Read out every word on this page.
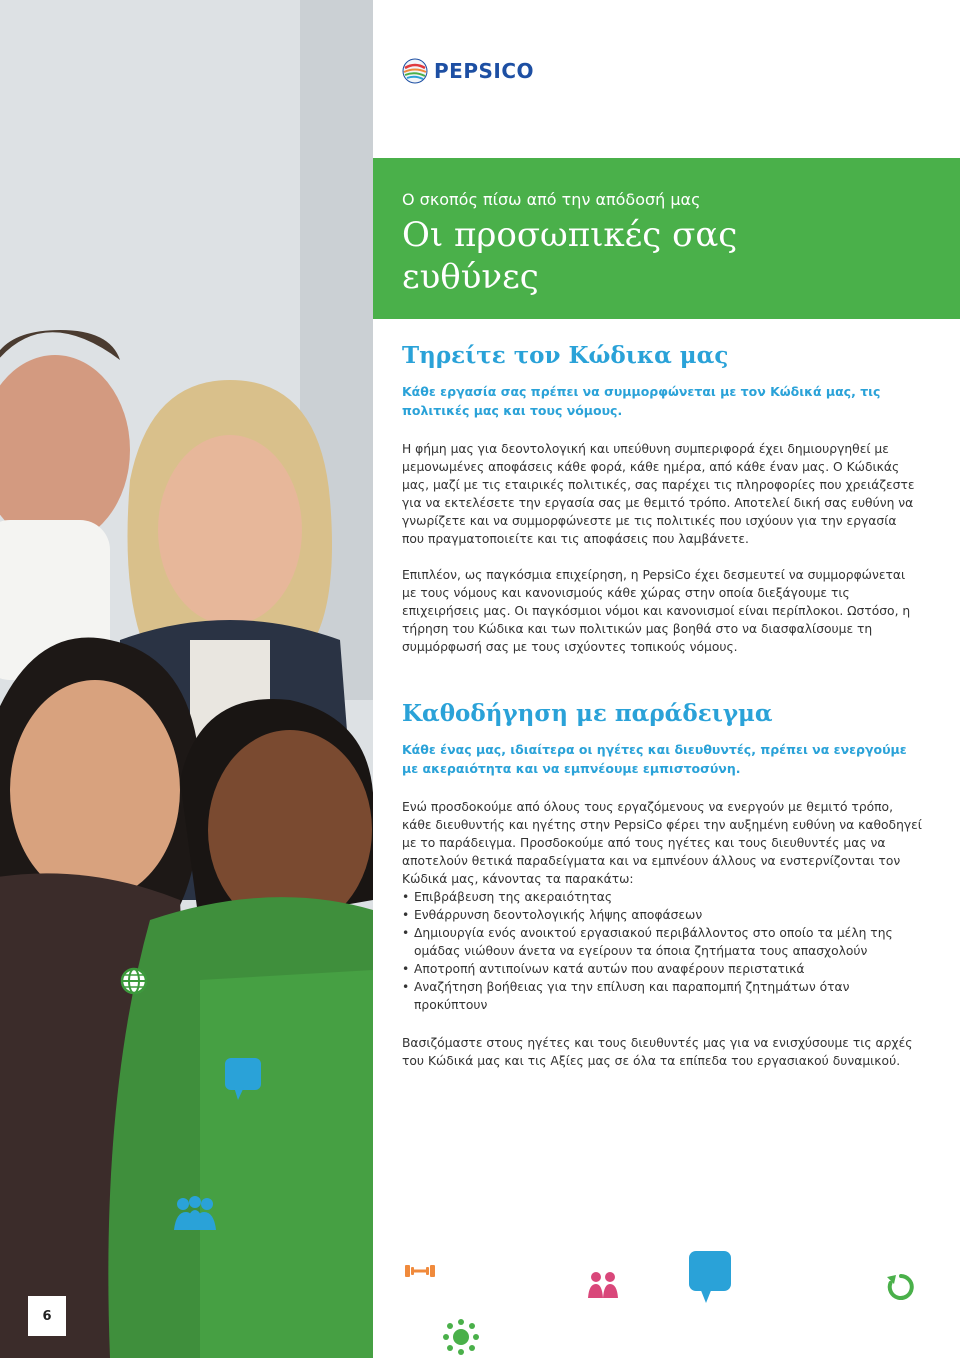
6
PEPSICO
Ο σκοπός πίσω από την απόδοσή μας
Οι προσωπικές σας ευθύνες
Τηρείτε τον Κώδικα μας

Κάθε εργασία σας πρέπει να συμμορφώνεται με τον Κώδικά μας, τις πολιτικές μας και τους νόμους.

Η φήμη μας για δεοντολογική και υπεύθυνη συμπεριφορά έχει δημιουργηθεί με μεμονωμένες αποφάσεις κάθε φορά, κάθε ημέρα, από κάθε έναν μας. Ο Κώδικάς μας, μαζί με τις εταιρικές πολιτικές, σας παρέχει τις πληροφορίες που χρειάζεστε για να εκτελέσετε την εργασία σας με θεμιτό τρόπο. Αποτελεί δική σας ευθύνη να γνωρίζετε και να συμμορφώνεστε με τις πολιτικές που ισχύουν για την εργασία που πραγματοποιείτε και τις αποφάσεις που λαμβάνετε.

Επιπλέον, ως παγκόσμια επιχείρηση, η PepsiCo έχει δεσμευτεί να συμμορφώνεται με τους νόμους και κανονισμούς κάθε χώρας στην οποία διεξάγουμε τις επιχειρήσεις μας. Οι παγκόσμιοι νόμοι και κανονισμοί είναι περίπλοκοι. Ωστόσο, η τήρηση του Κώδικα και των πολιτικών μας βοηθά στο να διασφαλίσουμε τη συμμόρφωσή σας με τους ισχύοντες τοπικούς νόμους.

Καθοδήγηση με παράδειγμα

Κάθε ένας μας, ιδιαίτερα οι ηγέτες και διευθυντές, πρέπει να ενεργούμε με ακεραιότητα και να εμπνέουμε εμπιστοσύνη.

Ενώ προσδοκούμε από όλους τους εργαζόμενους να ενεργούν με θεμιτό τρόπο, κάθε διευθυντής και ηγέτης στην PepsiCo φέρει την αυξημένη ευθύνη να καθοδηγεί με το παράδειγμα. Προσδοκούμε από τους ηγέτες και τους διευθυντές μας να αποτελούν θετικά παραδείγματα και να εμπνέουν άλλους να ενστερνίζονται τον Κώδικά μας, κάνοντας τα παρακάτω:

• Επιβράβευση της ακεραιότητας
• Ενθάρρυνση δεοντολογικής λήψης αποφάσεων
• Δημιουργία ενός ανοικτού εργασιακού περιβάλλοντος στο οποίο τα μέλη της ομάδας νιώθουν άνετα να εγείρουν τα όποια ζητήματα τους απασχολούν
• Αποτροπή αντιποίνων κατά αυτών που αναφέρουν περιστατικά
• Αναζήτηση βοήθειας για την επίλυση και παραπομπή ζητημάτων όταν προκύπτουν

Βασιζόμαστε στους ηγέτες και τους διευθυντές μας για να ενισχύσουμε τις αρχές του Κώδικά μας και τις Αξίες μας σε όλα τα επίπεδα του εργασιακού δυναμικού.
